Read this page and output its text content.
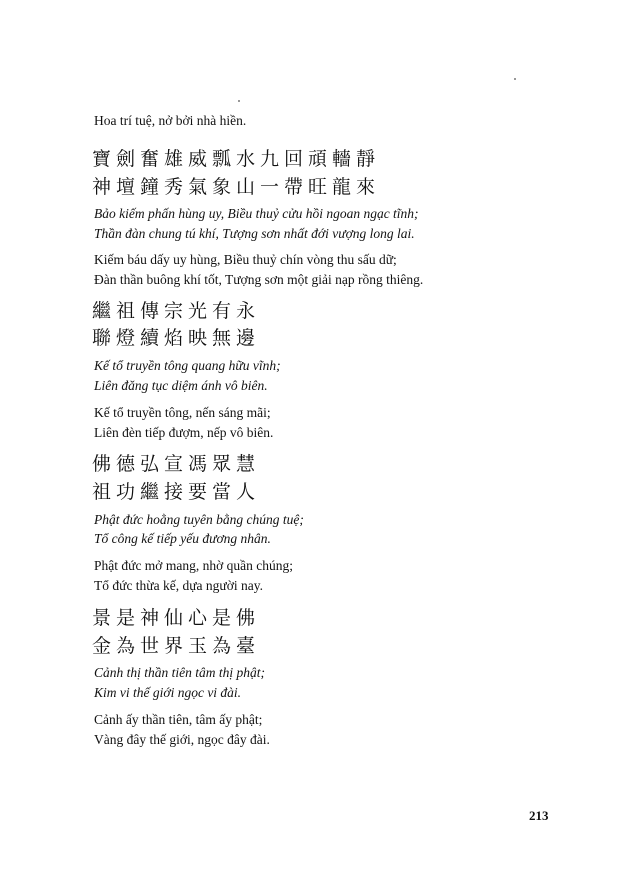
Hoa trí tuệ, nở bởi nhà hiền.
寶劍奮雄威瓢水九回頑轖靜
神壇鐘秀氣象山一帶旺龍來
Bảo kiếm phấn hùng uy, Biều thuỷ cửu hồi ngoan ngạc tĩnh;
Thần đàn chung tú khí, Tượng sơn nhất đới vượng long lai.
Kiếm báu dấy uy hùng, Biều thuỷ chín vòng thu sấu dữ;
Đàn thần buông khí tốt, Tượng sơn một giải nạp rồng thiêng.
繼祖傳宗光有永
聯燈續焰映無邊
Kế tổ truyền tông quang hữu vĩnh;
Liên đăng tục diệm ánh vô biên.
Kế tổ truyền tông, nến sáng mãi;
Liên đèn tiếp đượm, nếp vô biên.
佛德弘宣馮眾慧
祖功繼接要當人
Phật đức hoằng tuyên bằng chúng tuệ;
Tổ công kế tiếp yếu đương nhân.
Phật đức mở mang, nhờ quần chúng;
Tổ đức thừa kế, dựa người nay.
景是神仙心是佛
金為世界玉為臺
Cảnh thị thần tiên tâm thị phật;
Kim vi thế giới ngọc vi đài.
Cảnh ấy thần tiên, tâm ấy phật;
Vàng đây thế giới, ngọc đây đài.
213
